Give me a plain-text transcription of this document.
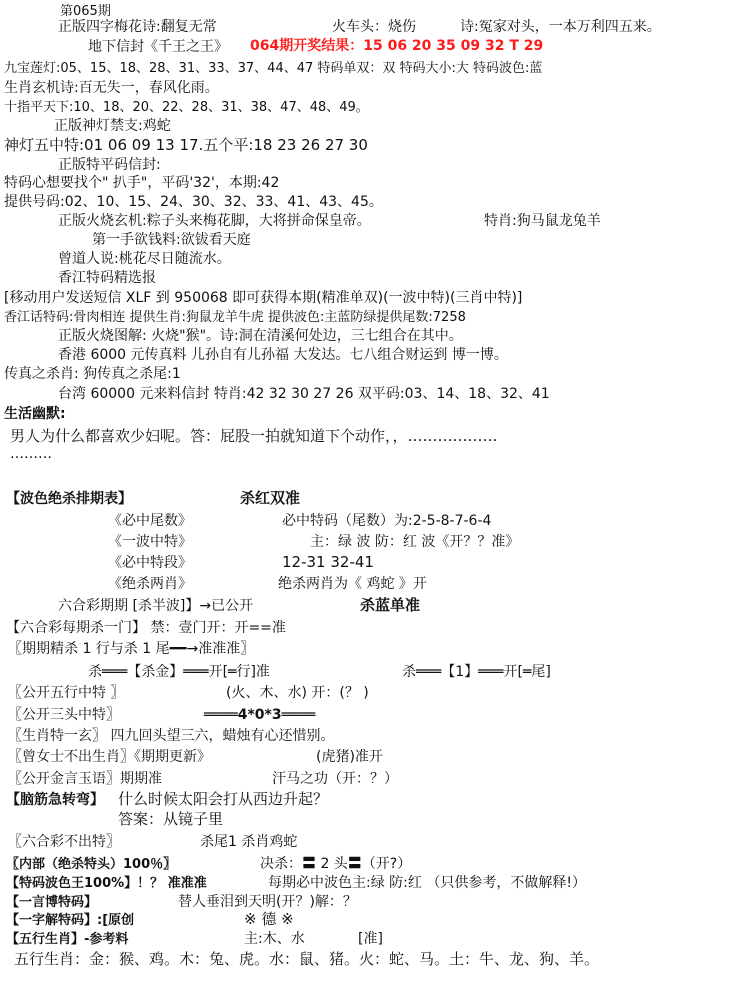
第065期
正版四字梅花诗:翻复无常	火车头：烧伤	诗:冤家对头，一本万利四五来。
地下信封《千王之王》 064期开奖结果：15 06 20 35 09 32 T 29
九宝莲灯:05、15、18、28、31、33、37、44、47 特码单双：双 特码大小:大 特码波色:蓝
生肖玄机诗:百无失一，春风化雨。
十指平天下:10、18、20、22、28、31、38、47、48、49。
正版神灯禁支:鸡蛇
神灯五中特:01 06 09 13 17.五个平:18 23 26 27 30
正版特平码信封:
特码心想要找个" 扒手"，平码'32'，本期:42
提供号码:02、10、15、24、30、32、33、41、43、45。
正版火烧玄机:粽子头来梅花脚，大将拼命保皇帝。	特肖:狗马鼠龙兔羊
第一手欲钱料:欲钹看天庭
曾道人说:桃花尽日随流水。
香江特码精选报
[移动用户发送短信 XLF 到 950068 即可获得本期(精准单双)(一波中特)(三肖中特)]
香江话特码:骨肉相连 提供生肖:狗鼠龙羊牛虎 提供波色:主蓝防绿提供尾数:7258
正版火烧图解: 火烧"猴"。诗:洞在清溪何处边，三七组合在其中。
香港 6000 元传真料 儿孙自有儿孙福 大发达。七八组合财运到 博一博。
传真之杀肖: 狗传真之杀尾:1
台湾 60000 元来料信封 特肖:42 32 30 27 26 双平码:03、14、18、32、41
生活幽默:
男人为什么都喜欢少妇呢。答：屁股一拍就知道下个动作，，………………
………
【波色绝杀排期表】	杀红双准
《必中尾数》	必中特码（尾数）为:2-5-8-7-6-4
《一波中特》	主：绿 波 防：红 波《开？？准》
《必中特段》	12-31 32-41
《绝杀两肖》	绝杀两肖为《 鸡蛇 》开
六合彩期期 [杀半波]】→已公开	杀蓝单准
【六合彩每期杀一门】 禁：壹门开：开==准
〖期期精杀 1 行与杀 1 尾━━→准准准〗
杀═══【杀金】═══开[═行]准	杀═══【1】═══开[═尾]
〖公开五行中特 〗	(火、木、水) 开：(？ )
〖公开三头中特〗	════4*0*3════
〖生肖特一玄〗 四九回头望三六，蜡烛有心还惜别。
〖曾女士不出生肖〗《期期更新》	(虎猪)准开
〖公开金言玉语〗期期准	汗马之功（开：？）
【脑筋急转弯】 什么时候太阳会打从西边升起？
答案：从镜子里
〖六合彩不出特〗	杀尾1 杀肖鸡蛇
〖内部（绝杀特头）100％〗	决杀：〓 2 头〓（开?）
【特码波色王100%】！？ 准准准	每期必中波色主:绿 防:红 （只供参考，不做解释!）
【一言博特码】	替人垂泪到天明(开？)解：？
【一字解特码】:[原创	※ 德 ※
【五行生肖】-参考料	主:木、水	[准]
五行生肖：金：猴、鸡。木：兔、虎。水：鼠、猪。火：蛇、马。土：牛、龙、狗、羊。
